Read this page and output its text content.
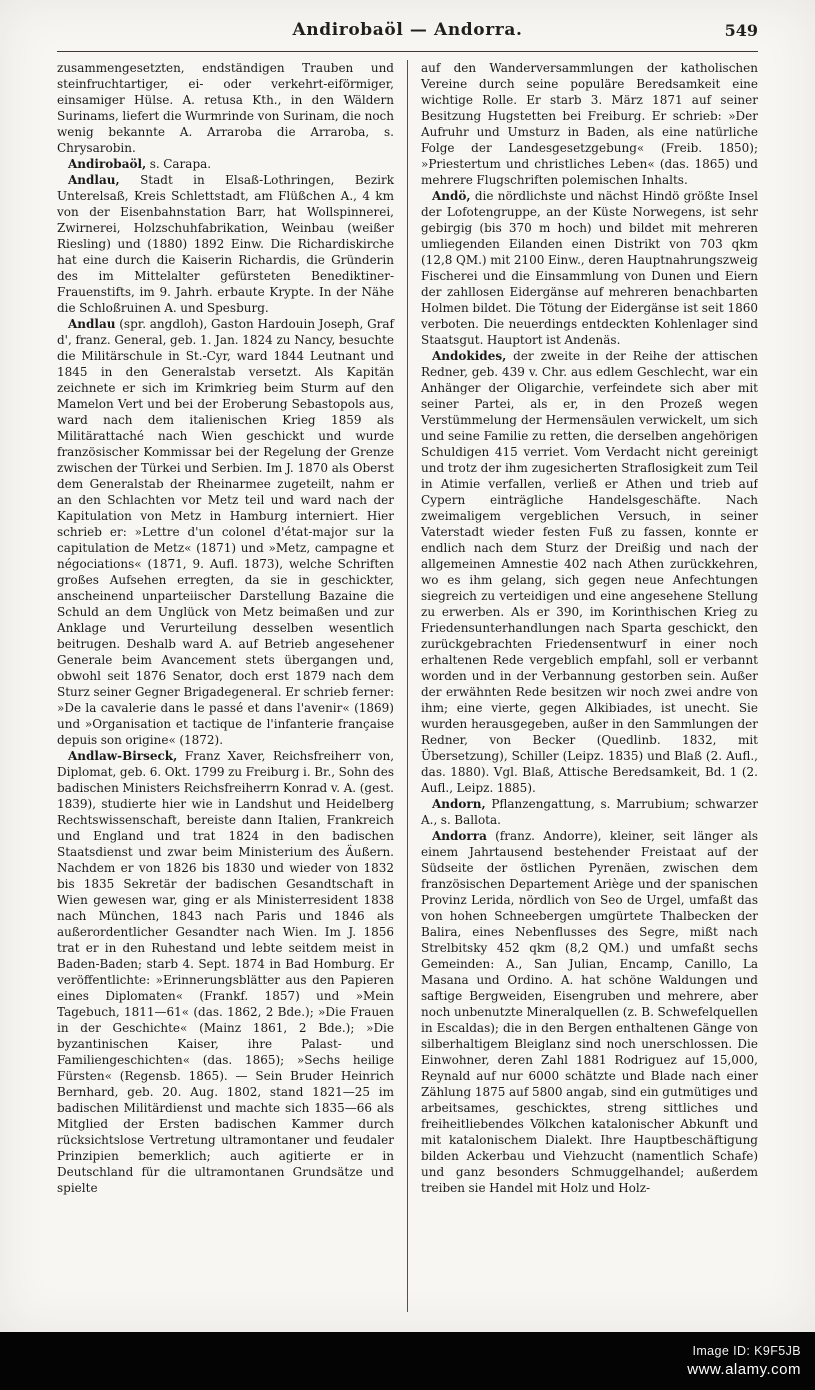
Andirobaöl — Andorra.	549

zusammengesetzten, endständigen Trauben und steinfruchtartiger, ei- oder verkehrt-eiförmiger, einsamiger Hülse. A. retusa Kth., in den Wäldern Surinams, liefert die Wurmrinde von Surinam, die noch wenig bekannte A. Arraroba die Arraroba, s. Chrysarobin.

Andirobaöl, s. Carapa.

Andlau, Stadt in Elsaß-Lothringen, Bezirk Unterelsaß, Kreis Schlettstadt, am Flüßchen A., 4 km von der Eisenbahnstation Barr, hat Wollspinnerei, Zwirnerei, Holzschuhfabrikation, Weinbau (weißer Riesling) und (1880) 1892 Einw. Die Richardiskirche hat eine durch die Kaiserin Richardis, die Gründerin des im Mittelalter gefürsteten Benediktiner-Frauenstifts, im 9. Jahrh. erbaute Krypte. In der Nähe die Schloßruinen A. und Spesburg.

Andlau (spr. angdloh), Gaston Hardouin Joseph, Graf d', franz. General, geb. 1. Jan. 1824 zu Nancy, besuchte die Militärschule in St.-Cyr, ward 1844 Leutnant und 1845 in den Generalstab versetzt. Als Kapitän zeichnete er sich im Krimkrieg beim Sturm auf den Mamelon Vert und bei der Eroberung Sebastopols aus, ward nach dem italienischen Krieg 1859 als Militärattaché nach Wien geschickt und wurde französischer Kommissar bei der Regelung der Grenze zwischen der Türkei und Serbien. Im J. 1870 als Oberst dem Generalstab der Rheinarmee zugeteilt, nahm er an den Schlachten vor Metz teil und ward nach der Kapitulation von Metz in Hamburg interniert. Hier schrieb er: »Lettre d'un colonel d'état-major sur la capitulation de Metz« (1871) und »Metz, campagne et négociations« (1871, 9. Aufl. 1873), welche Schriften großes Aufsehen erregten, da sie in geschickter, anscheinend unparteiischer Darstellung Bazaine die Schuld an dem Unglück von Metz beimaßen und zur Anklage und Verurteilung desselben wesentlich beitrugen. Deshalb ward A. auf Betrieb angesehener Generale beim Avancement stets übergangen und, obwohl seit 1876 Senator, doch erst 1879 nach dem Sturz seiner Gegner Brigadegeneral. Er schrieb ferner: »De la cavalerie dans le passé et dans l'avenir« (1869) und »Organisation et tactique de l'infanterie française depuis son origine« (1872).

Andlaw-Birseck, Franz Xaver, Reichsfreiherr von, Diplomat, geb. 6. Okt. 1799 zu Freiburg i. Br., Sohn des badischen Ministers Reichsfreiherrn Konrad v. A. (gest. 1839), studierte hier wie in Landshut und Heidelberg Rechtswissenschaft, bereiste dann Italien, Frankreich und England und trat 1824 in den badischen Staatsdienst und zwar beim Ministerium des Äußern. Nachdem er von 1826 bis 1830 und wieder von 1832 bis 1835 Sekretär der badischen Gesandtschaft in Wien gewesen war, ging er als Ministerresident 1838 nach München, 1843 nach Paris und 1846 als außerordentlicher Gesandter nach Wien. Im J. 1856 trat er in den Ruhestand und lebte seitdem meist in Baden-Baden; starb 4. Sept. 1874 in Bad Homburg. Er veröffentlichte: »Erinnerungsblätter aus den Papieren eines Diplomaten« (Frankf. 1857) und »Mein Tagebuch, 1811—61« (das. 1862, 2 Bde.); »Die Frauen in der Geschichte« (Mainz 1861, 2 Bde.); »Die byzantinischen Kaiser, ihre Palast- und Familiengeschichten« (das. 1865); »Sechs heilige Fürsten« (Regensb. 1865). — Sein Bruder Heinrich Bernhard, geb. 20. Aug. 1802, stand 1821—25 im badischen Militärdienst und machte sich 1835—66 als Mitglied der Ersten badischen Kammer durch rücksichtslose Vertretung ultramontaner und feudaler Prinzipien bemerklich; auch agitierte er in Deutschland für die ultramontanen Grundsätze und spielte

auf den Wanderversammlungen der katholischen Vereine durch seine populäre Beredsamkeit eine wichtige Rolle. Er starb 3. März 1871 auf seiner Besitzung Hugstetten bei Freiburg. Er schrieb: »Der Aufruhr und Umsturz in Baden, als eine natürliche Folge der Landesgesetzgebung« (Freib. 1850); »Priestertum und christliches Leben« (das. 1865) und mehrere Flugschriften polemischen Inhalts.

Andö, die nördlichste und nächst Hindö größte Insel der Lofotengruppe, an der Küste Norwegens, ist sehr gebirgig (bis 370 m hoch) und bildet mit mehreren umliegenden Eilanden einen Distrikt von 703 qkm (12,8 QM.) mit 2100 Einw., deren Hauptnahrungszweig Fischerei und die Einsammlung von Dunen und Eiern der zahllosen Eidergänse auf mehreren benachbarten Holmen bildet. Die Tötung der Eidergänse ist seit 1860 verboten. Die neuerdings entdeckten Kohlenlager sind Staatsgut. Hauptort ist Andenäs.

Andokides, der zweite in der Reihe der attischen Redner, geb. 439 v. Chr. aus edlem Geschlecht, war ein Anhänger der Oligarchie, verfeindete sich aber mit seiner Partei, als er, in den Prozeß wegen Verstümmelung der Hermensäulen verwickelt, um sich und seine Familie zu retten, die derselben angehörigen Schuldigen 415 verriet. Vom Verdacht nicht gereinigt und trotz der ihm zugesicherten Straflosigkeit zum Teil in Atimie verfallen, verließ er Athen und trieb auf Cypern einträgliche Handelsgeschäfte. Nach zweimaligem vergeblichen Versuch, in seiner Vaterstadt wieder festen Fuß zu fassen, konnte er endlich nach dem Sturz der Dreißig und nach der allgemeinen Amnestie 402 nach Athen zurückkehren, wo es ihm gelang, sich gegen neue Anfechtungen siegreich zu verteidigen und eine angesehene Stellung zu erwerben. Als er 390, im Korinthischen Krieg zu Friedensunterhandlungen nach Sparta geschickt, den zurückgebrachten Friedensentwurf in einer noch erhaltenen Rede vergeblich empfahl, soll er verbannt worden und in der Verbannung gestorben sein. Außer der erwähnten Rede besitzen wir noch zwei andre von ihm; eine vierte, gegen Alkibiades, ist unecht. Sie wurden herausgegeben, außer in den Sammlungen der Redner, von Becker (Quedlinb. 1832, mit Übersetzung), Schiller (Leipz. 1835) und Blaß (2. Aufl., das. 1880). Vgl. Blaß, Attische Beredsamkeit, Bd. 1 (2. Aufl., Leipz. 1885).

Andorn, Pflanzengattung, s. Marrubium; schwarzer A., s. Ballota.

Andorra (franz. Andorre), kleiner, seit länger als einem Jahrtausend bestehender Freistaat auf der Südseite der östlichen Pyrenäen, zwischen dem französischen Departement Ariège und der spanischen Provinz Lerida, nördlich von Seo de Urgel, umfaßt das von hohen Schneebergen umgürtete Thalbecken der Balira, eines Nebenflusses des Segre, mißt nach Strelbitsky 452 qkm (8,2 QM.) und umfaßt sechs Gemeinden: A., San Julian, Encamp, Canillo, La Masana und Ordino. A. hat schöne Waldungen und saftige Bergweiden, Eisengruben und mehrere, aber noch unbenutzte Mineralquellen (z. B. Schwefelquellen in Escaldas); die in den Bergen enthaltenen Gänge von silberhaltigem Bleiglanz sind noch unerschlossen. Die Einwohner, deren Zahl 1881 Rodriguez auf 15,000, Reynald auf nur 6000 schätzte und Blade nach einer Zählung 1875 auf 5800 angab, sind ein gutmütiges und arbeitsames, geschicktes, streng sittliches und freiheitliebendes Völkchen katalonischer Abkunft und mit katalonischem Dialekt. Ihre Hauptbeschäftigung bilden Ackerbau und Viehzucht (namentlich Schafe) und ganz besonders Schmuggelhandel; außerdem treiben sie Handel mit Holz und Holz-

Image ID: K9F5JB
www.alamy.com
